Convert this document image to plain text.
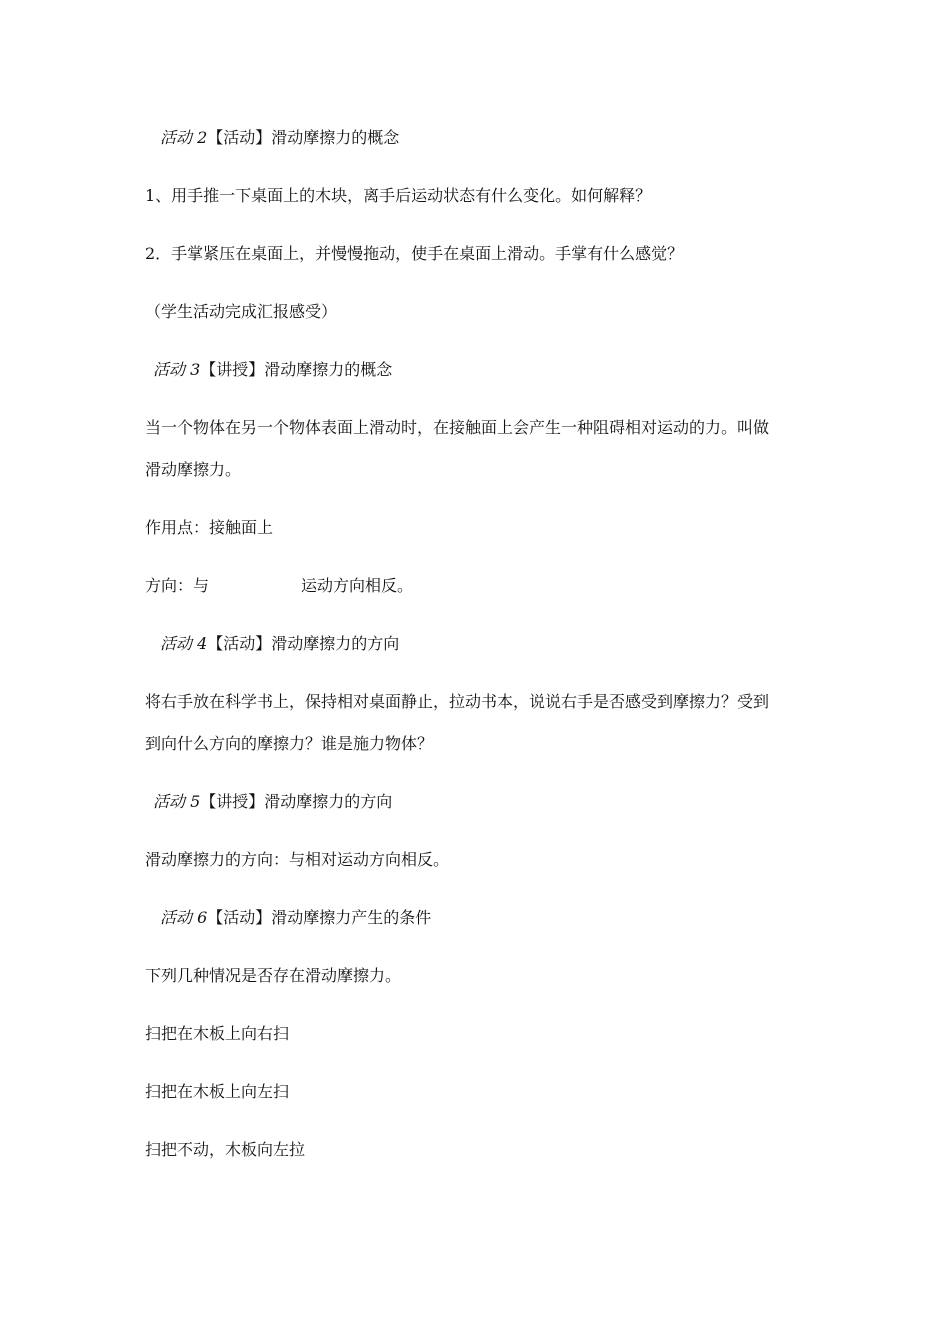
活动 2【活动】滑动摩擦力的概念
1、用手推一下桌面上的木块，离手后运动状态有什么变化。如何解释？
2．手掌紧压在桌面上，并慢慢拖动，使手在桌面上滑动。手掌有什么感觉？
（学生活动完成汇报感受）
活动 3【讲授】滑动摩擦力的概念
当一个物体在另一个物体表面上滑动时，在接触面上会产生一种阻碍相对运动的力。叫做
滑动摩擦力。
作用点：接触面上
方向：与	运动方向相反。
活动 4【活动】滑动摩擦力的方向
将右手放在科学书上，保持相对桌面静止，拉动书本，说说右手是否感受到摩擦力？受到
到向什么方向的摩擦力？谁是施力物体？
活动 5【讲授】滑动摩擦力的方向
滑动摩擦力的方向：与相对运动方向相反。
活动 6【活动】滑动摩擦力产生的条件
下列几种情况是否存在滑动摩擦力。
扫把在木板上向右扫
扫把在木板上向左扫
扫把不动，木板向左拉
